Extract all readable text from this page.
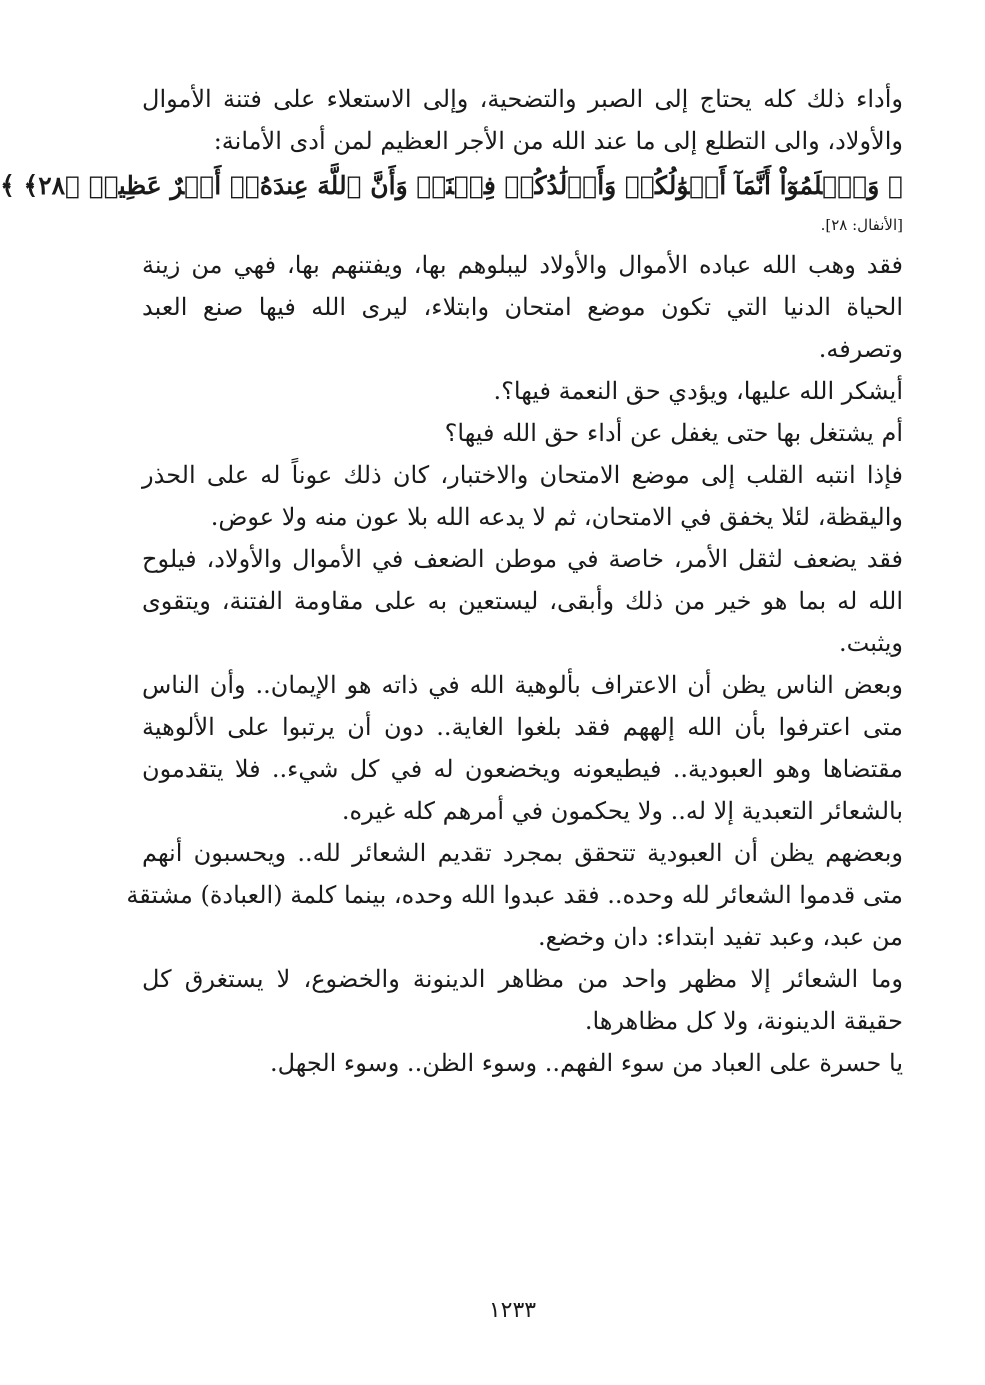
وأداء ذلك كله يحتاج إلى الصبر والتضحية، وإلى الاستعلاء على فتنة الأموال
والأولاد، والى التطلع إلى ما عند الله من الأجر العظيم لمن أدى الأمانة:
﴿ وَٱعۡلَمُوٓاْ أَنَّمَآ أَمۡوَٰلُكُمۡ وَأَوۡلَٰدُكُمۡ فِتۡنَةٞ وَأَنَّ ٱللَّهَ عِندَهُۥٓ أَجۡرٌ عَظِيمٞ ﴿٢٨﴾ ﴾
[الأنفال: ٢٨].
فقد وهب الله عباده الأموال والأولاد ليبلوهم بها، ويفتنهم بها، فهي من زينة
الحياة الدنيا التي تكون موضع امتحان وابتلاء، ليرى الله فيها صنع العبد
وتصرفه.
أيشكر الله عليها، ويؤدي حق النعمة فيها؟.
أم يشتغل بها حتى يغفل عن أداء حق الله فيها؟
فإذا انتبه القلب إلى موضع الامتحان والاختبار، كان ذلك عوناً له على الحذر
واليقظة، لئلا يخفق في الامتحان، ثم لا يدعه الله بلا عون منه ولا عوض.
فقد يضعف لثقل الأمر، خاصة في موطن الضعف في الأموال والأولاد، فيلوح
الله له بما هو خير من ذلك وأبقى، ليستعين به على مقاومة الفتنة، ويتقوى
ويثبت.
وبعض الناس يظن أن الاعتراف بألوهية الله في ذاته هو الإيمان.. وأن الناس
متى اعترفوا بأن الله إلههم فقد بلغوا الغاية.. دون أن يرتبوا على الألوهية
مقتضاها وهو العبودية.. فيطيعونه ويخضعون له في كل شيء.. فلا يتقدمون
بالشعائر التعبدية إلا له.. ولا يحكمون في أمرهم كله غيره.
وبعضهم يظن أن العبودية تتحقق بمجرد تقديم الشعائر لله.. ويحسبون أنهم
متى قدموا الشعائر لله وحده.. فقد عبدوا الله وحده، بينما كلمة (العبادة) مشتقة
من عبد، وعبد تفيد ابتداء: دان وخضع.
وما الشعائر إلا مظهر واحد من مظاهر الدينونة والخضوع، لا يستغرق كل
حقيقة الدينونة، ولا كل مظاهرها.
يا حسرة على العباد من سوء الفهم.. وسوء الظن.. وسوء الجهل.
١٢٣٣
